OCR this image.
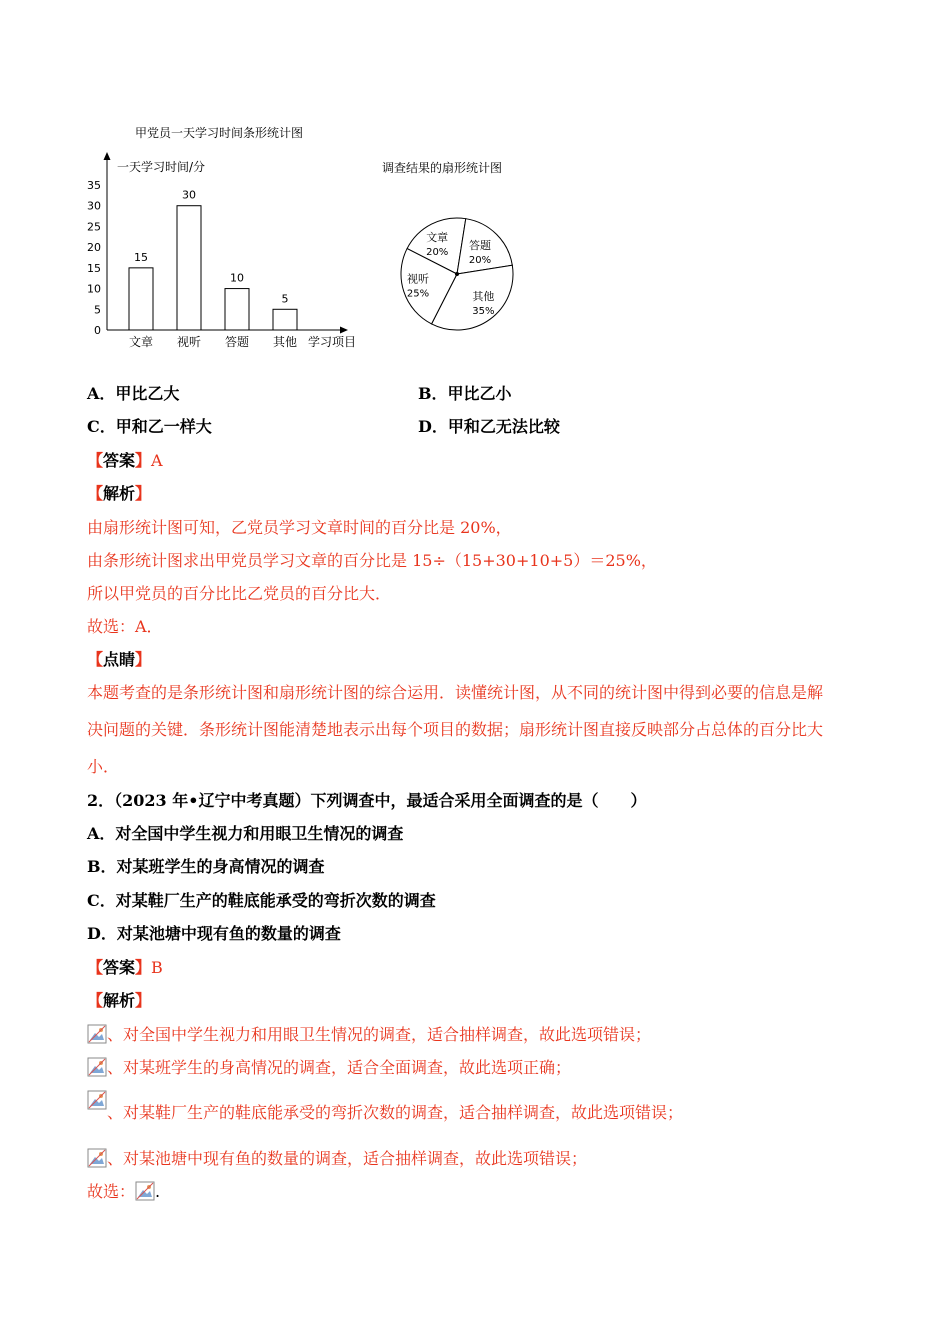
甲党员一天学习时间条形统计图
一天学习时间/分
学习项目
0
5
10
15
20
25
30
35
15
文章
30
视听
10
答题
5
其他
调查结果的扇形统计图
文章
20%
答题
20%
其他
35%
视听
25%
A．甲比乙大	B．甲比乙小
C．甲和乙一样大	D．甲和乙无法比较
【答案】A
【解析】
由扇形统计图可知，乙党员学习文章时间的百分比是 20%，
由条形统计图求出甲党员学习文章的百分比是 15÷（15+30+10+5）＝25%，
所以甲党员的百分比比乙党员的百分比大．
故选：A．
【点睛】
本题考查的是条形统计图和扇形统计图的综合运用．读懂统计图，从不同的统计图中得到必要的信息是解
决问题的关键．条形统计图能清楚地表示出每个项目的数据；扇形统计图直接反映部分占总体的百分比大
小．
2．（2023 年•辽宁中考真题）下列调查中，最适合采用全面调查的是（　　）
A．对全国中学生视力和用眼卫生情况的调查
B．对某班学生的身高情况的调查
C．对某鞋厂生产的鞋底能承受的弯折次数的调查
D．对某池塘中现有鱼的数量的调查
【答案】B
【解析】
、对全国中学生视力和用眼卫生情况的调查，适合抽样调查，故此选项错误；
、对某班学生的身高情况的调查，适合全面调查，故此选项正确；
、对某鞋厂生产的鞋底能承受的弯折次数的调查，适合抽样调查，故此选项错误；
、对某池塘中现有鱼的数量的调查，适合抽样调查，故此选项错误；
故选： .
